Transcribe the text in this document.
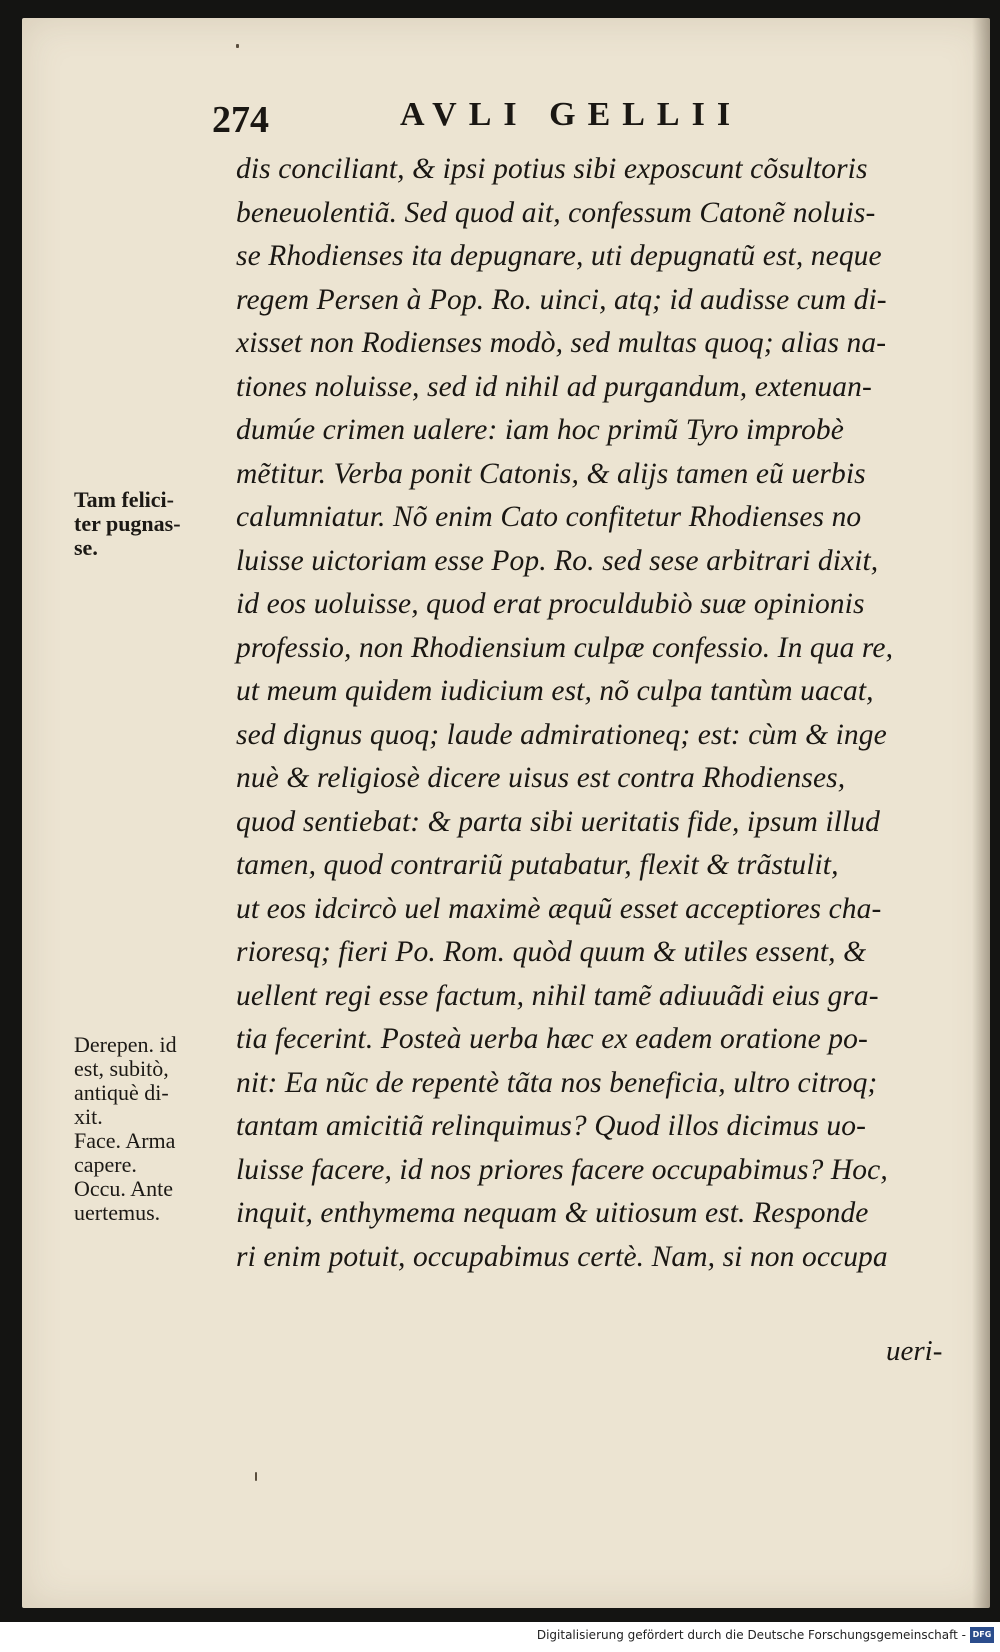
274	AVLI GELLII
dis conciliant, & ipsi potius sibi exposcunt cõsultoris
beneuolentiã. Sed quod ait, confessum Catonẽ noluis-
se Rhodienses ita depugnare, uti depugnatũ est, neque
regem Persen à Pop. Ro. uinci, atq; id audisse cum di-
xisset non Rodienses modò, sed multas quoq; alias na-
tiones noluisse, sed id nihil ad purgandum, extenuan-
dumúe crimen ualere: iam hoc primũ Tyro improbè
mẽtitur. Verba ponit Catonis, & alijs tamen eũ uerbis
calumniatur. Nõ enim Cato confitetur Rhodienses no
luisse uictoriam esse Pop. Ro. sed sese arbitrari dixit,
id eos uoluisse, quod erat proculdubiò suæ opinionis
professio, non Rhodiensium culpæ confessio. In qua re,
ut meum quidem iudicium est, nõ culpa tantùm uacat,
sed dignus quoq; laude admirationeq; est: cùm & inge
nuè & religiosè dicere uisus est contra Rhodienses,
quod sentiebat: & parta sibi ueritatis fide, ipsum illud
tamen, quod contrariũ putabatur, flexit & trãstulit,
ut eos idcircò uel maximè æquũ esset acceptiores cha-
rioresq; fieri Po. Rom. quòd quum & utiles essent, &
uellent regi esse factum, nihil tamẽ adiuuãdi eius gra-
tia fecerint. Posteà uerba hæc ex eadem oratione po-
nit: Ea nũc de repentè tãta nos beneficia, ultro citroq;
tantam amicitiã relinquimus? Quod illos dicimus uo-
luisse facere, id nos priores facere occupabimus? Hoc,
inquit, enthymema nequam & uitiosum est. Responde
ri enim potuit, occupabimus certè. Nam, si non occupa
ueri-
Tam felici-
ter pugnas-
se.
Derepen. id
est, subitò,
antiquè di-
xit.
Face. Arma
capere.
Occu. Ante
uertemus.
Digitalisierung gefördert durch die Deutsche Forschungsgemeinschaft - DFG
